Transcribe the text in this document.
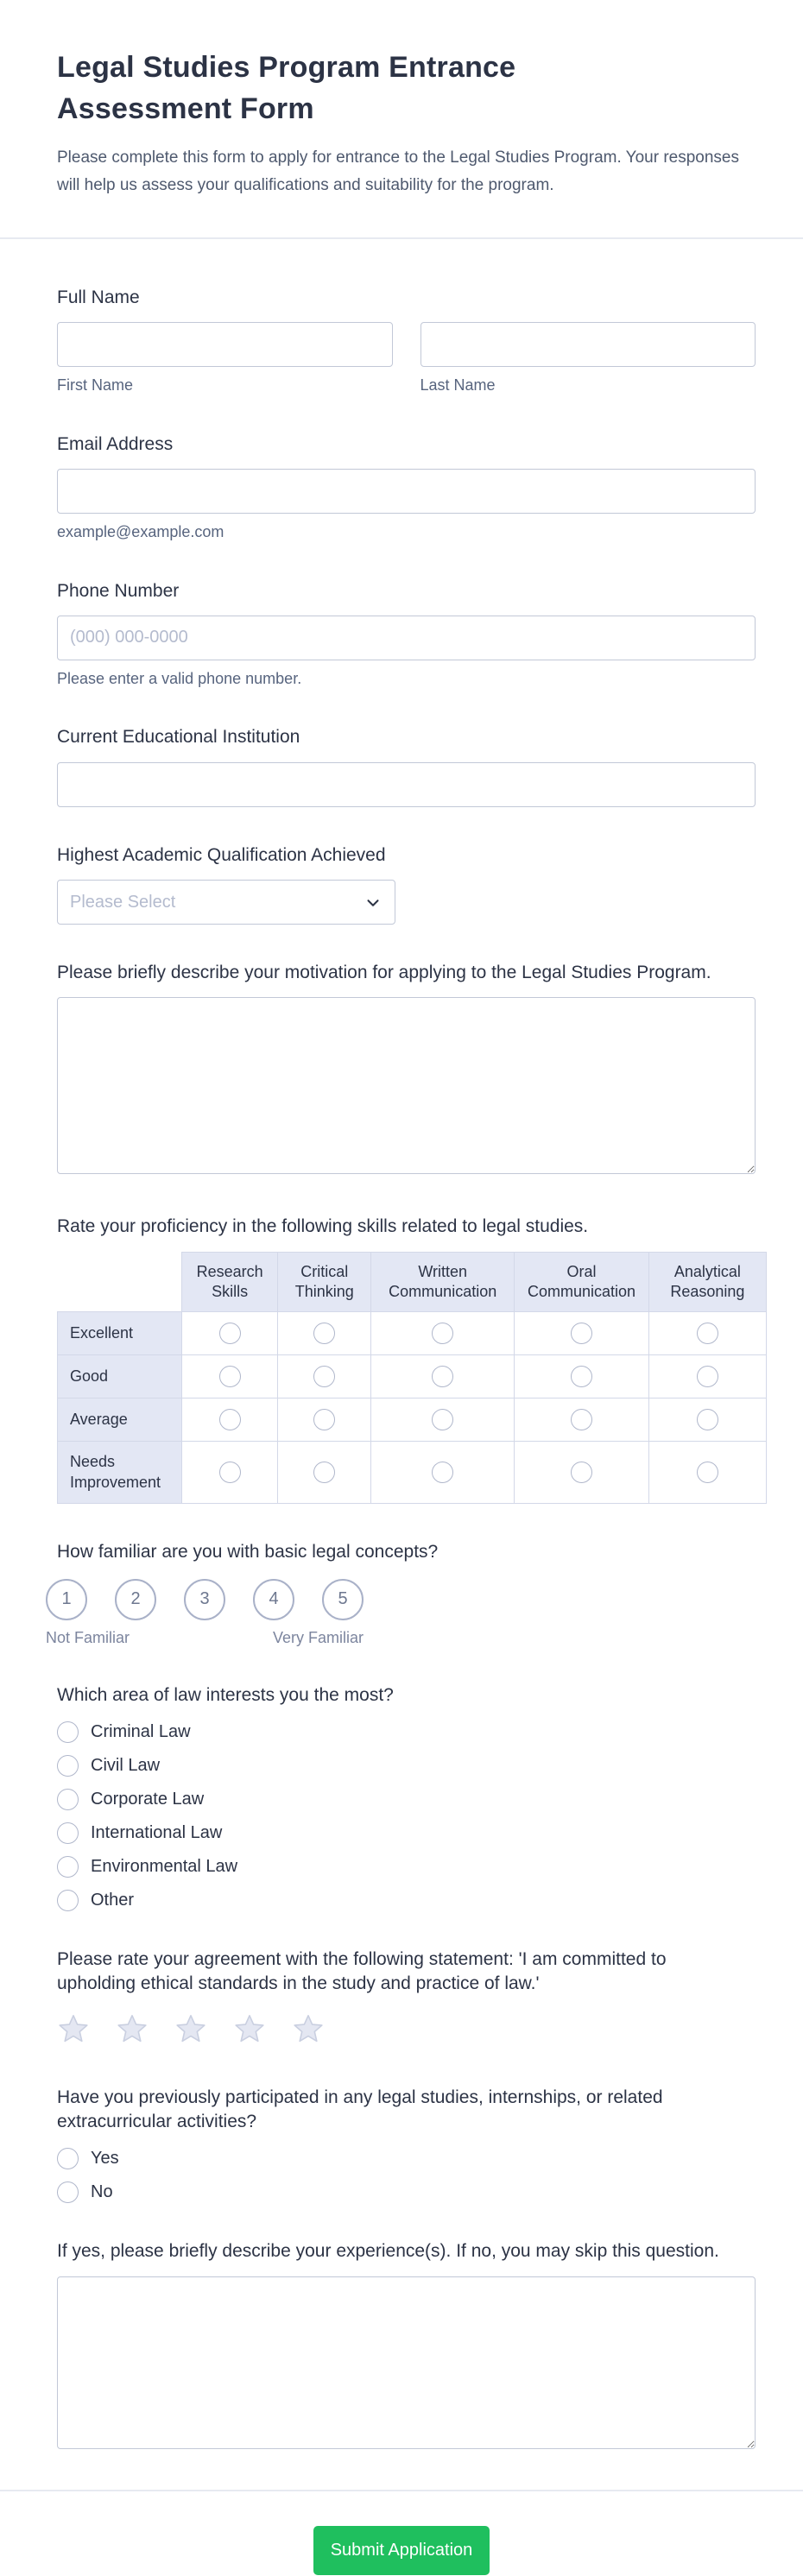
Legal Studies Program Entrance Assessment Form

Please complete this form to apply for entrance to the Legal Studies Program. Your responses will help us assess your qualifications and suitability for the program.

Full Name
First Name	Last Name
Email Address
example@example.com
Phone Number
(000) 000-0000
Please enter a valid phone number.
Current Educational Institution
Highest Academic Qualification Achieved
Please Select
Please briefly describe your motivation for applying to the Legal Studies Program.
Rate your proficiency in the following skills related to legal studies.
	Research Skills	Critical Thinking	Written Communication	Oral Communication	Analytical Reasoning
Excellent					
Good					
Average					
Needs Improvement					
How familiar are you with basic legal concepts?
1	2	3	4	5
Not Familiar	Very Familiar
Which area of law interests you the most?
Criminal Law
Civil Law
Corporate Law
International Law
Environmental Law
Other
Please rate your agreement with the following statement: 'I am committed to upholding ethical standards in the study and practice of law.'
Have you previously participated in any legal studies, internships, or related extracurricular activities?
Yes
No
If yes, please briefly describe your experience(s). If no, you may skip this question.
Submit Application
